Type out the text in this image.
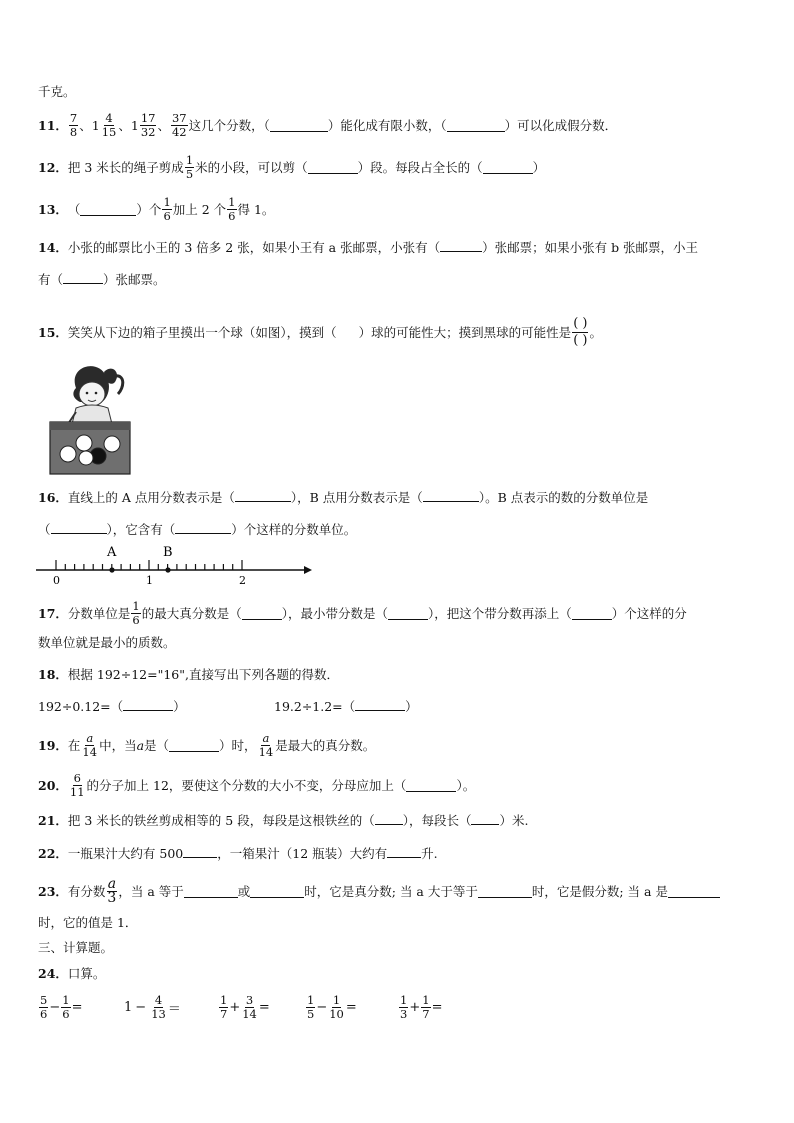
千克。
11． $\frac{7}{8}$ 、 $1 \frac{4}{15}$ 、 $1 \frac{17}{32}$ 、 $\frac{37}{42}$ 这几个分数，（	）能化成有限小数，（	）可以化成假分数．
12． 把 3 米长的绳子剪成 $\frac{1}{5}$ 米的小段，可以剪（	）段。每段占全长的（	）
13． （	）个 $\frac{1}{6}$ 加上 2 个 $\frac{1}{6}$ 得 1。
14．小张的邮票比小王的 3 倍多 2 张，如果小王有 a 张邮票，小张有（	）张邮票；如果小张有 b 张邮票，小王
有（	）张邮票。
15． 笑笑从下边的箱子里摸出一个球（如图），摸到（ ）球的可能性大；摸到黑球的可能性是 $\frac{( )}{( )}$ 。
16．直线上的 A 点用分数表示是（	），B 点用分数表示是（	）。B 点表示的数的分数单位是
（	），它含有（	）个这样的分数单位。
A	B
0	1	2
17． 分数单位是 $\frac{1}{6}$ 的最大真分数是（	），最小带分数是（	），把这个带分数再添上（	）个这样的分
数单位就是最小的质数。
18．根据 192÷12="16",直接写出下列各题的得数．
192÷0.12=（	）	19.2÷1.2=（	）
19． 在 $\frac{a}{14}$ 中，当 a 是（	）时， $\frac{a}{14}$ 是最大的真分数。
20． $\frac{6}{11}$ 的分子加上 12，要使这个分数的大小不变，分母应加上（	）。
21．把 3 米长的铁丝剪成相等的 5 段，每段是这根铁丝的（ ），每段长（ ）米.
22．一瓶果汁大约有 500	，一箱果汁（12 瓶装）大约有	升.
23． 有分数 $\frac{a}{3}$ ，当 a 等于	或	时，它是真分数; 当 a 大于等于	时，它是假分数; 当 a 是
时，它的值是 1．
三、计算题。
24．口算。
$\frac{5}{6} - \frac{1}{6}$ =	$1 - \frac{4}{13}$ ＝	$\frac{1}{7} + \frac{3}{14}$ =	$\frac{1}{5} - \frac{1}{10}$ =	$\frac{1}{3} + \frac{1}{7}$ =
